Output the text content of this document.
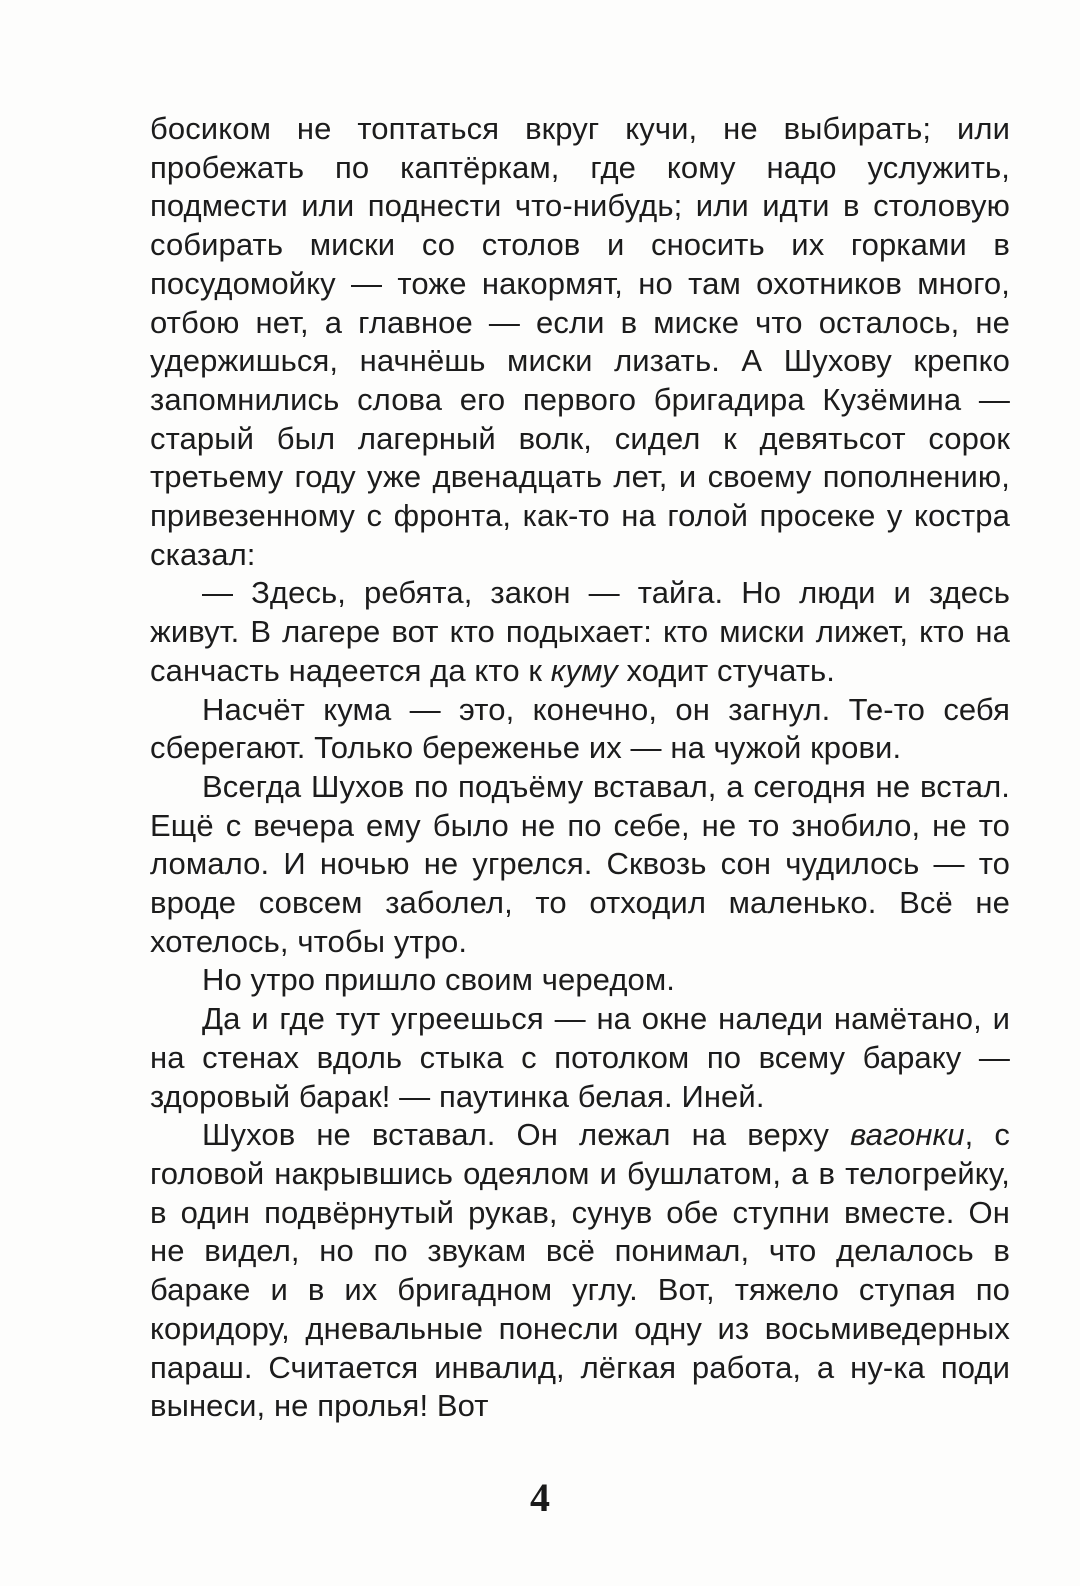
босиком не топтаться вкруг кучи, не выбирать; или пробежать по каптёркам, где кому надо услужить, подмести или поднести что-нибудь; или идти в столовую собирать миски со столов и сносить их горками в посудомойку — тоже накормят, но там охотников много, отбою нет, а главное — если в миске что осталось, не удержишься, начнёшь миски лизать. А Шухову крепко запомнились слова его первого бригадира Кузёмина — старый был лагерный волк, сидел к девятьсот сорок третьему году уже двенадцать лет, и своему пополнению, привезенному с фронта, как-то на голой просеке у костра сказал:

— Здесь, ребята, закон — тайга. Но люди и здесь живут. В лагере вот кто подыхает: кто миски лижет, кто на санчасть надеется да кто к куму ходит стучать.

Насчёт кума — это, конечно, он загнул. Те-то себя сберегают. Только береженье их — на чужой крови.

Всегда Шухов по подъёму вставал, а сегодня не встал. Ещё с вечера ему было не по себе, не то знобило, не то ломало. И ночью не угрелся. Сквозь сон чудилось — то вроде совсем заболел, то отходил маленько. Всё не хотелось, чтобы утро.

Но утро пришло своим чередом.

Да и где тут угреешься — на окне наледи намётано, и на стенах вдоль стыка с потолком по всему бараку — здоровый барак! — паутинка белая. Иней.

Шухов не вставал. Он лежал на верху вагонки, с головой накрывшись одеялом и бушлатом, а в телогрейку, в один подвёрнутый рукав, сунув обе ступни вместе. Он не видел, но по звукам всё понимал, что делалось в бараке и в их бригадном углу. Вот, тяжело ступая по коридору, дневальные понесли одну из восьмиведерных параш. Считается инвалид, лёгкая работа, а ну-ка поди вынеси, не пролья! Вот

4
